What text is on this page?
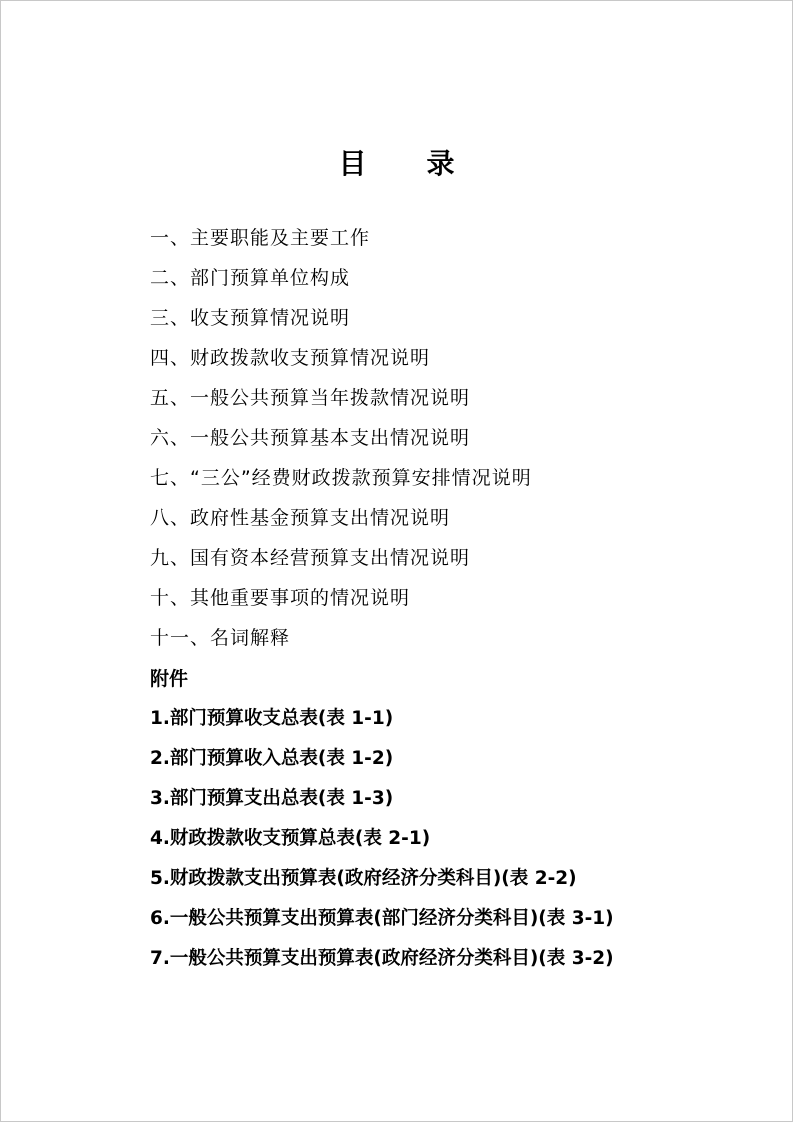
目 录
一、主要职能及主要工作
二、部门预算单位构成
三、收支预算情况说明
四、财政拨款收支预算情况说明
五、一般公共预算当年拨款情况说明
六、一般公共预算基本支出情况说明
七、“三公”经费财政拨款预算安排情况说明
八、政府性基金预算支出情况说明
九、国有资本经营预算支出情况说明
十、其他重要事项的情况说明
十一、名词解释
附件
1.部门预算收支总表(表 1-1)
2.部门预算收入总表(表 1-2)
3.部门预算支出总表(表 1-3)
4.财政拨款收支预算总表(表 2-1)
5.财政拨款支出预算表(政府经济分类科目)(表 2-2)
6.一般公共预算支出预算表(部门经济分类科目)(表 3-1)
7.一般公共预算支出预算表(政府经济分类科目)(表 3-2)
